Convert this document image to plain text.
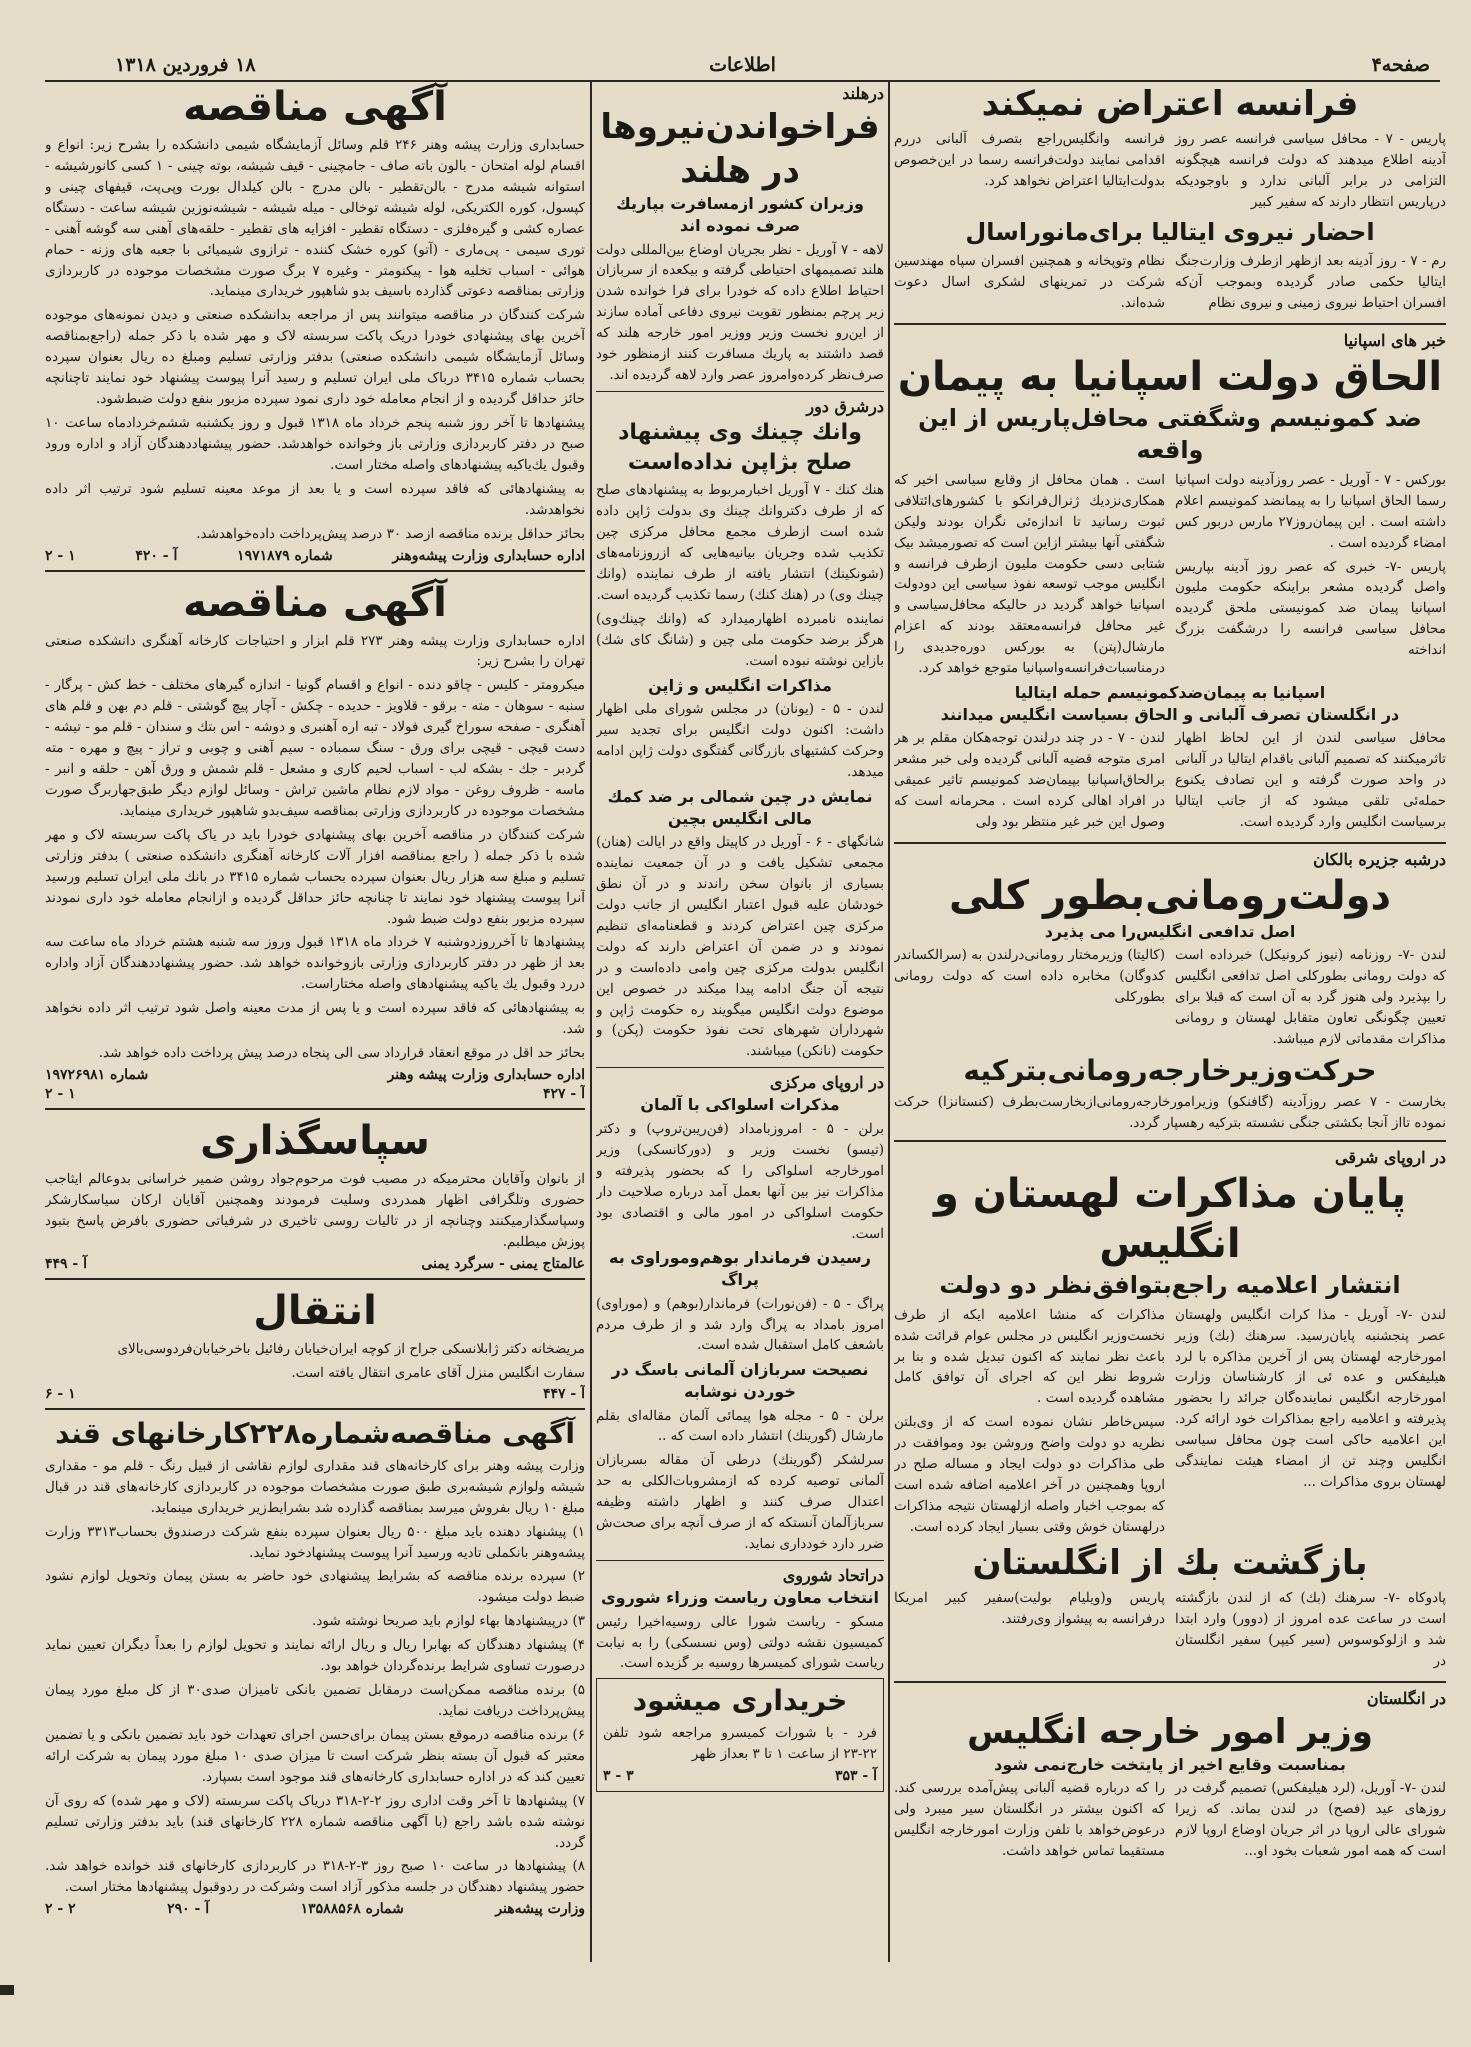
صفحه۴
اطلاعات
۱۸ فروردین ۱۳۱۸
آگهی مناقصه

حسابداری وزارت پیشه وهنر ۲۴۶ قلم وسائل آزمایشگاه شیمی دانشکده را بشرح زیر: انواع و اقسام لوله امتحان - بالون باته صاف - جامچینی - قیف شیشه، بوته چینی - ۱ کسی کانورشیشه - استوانه شیشه مدرج - بالن‌تقطیر - بالن مدرج - بالن کیلدال بورت وپی‌پت، قیفهای چینی و کپسول، کوره الکتریکی، لوله شیشه توخالی - میله شیشه - شیشه‌نوزین شیشه ساعت - دستگاه عصاره کشی و گیره‌فلزی - دستگاه تقطیر - افزایه های تقطیر - حلقه‌های آهنی سه گوشه آهنی - توری سیمی - پی‌ماری - (آتو) کوره خشک کننده - ترازوی شیمیائی با جعبه های وزنه - حمام هوائی - اسباب تخلیه هوا - پیکنومتر - وغیره ۷ برگ صورت مشخصات موجوده در کاربردازی وزارتی بمناقصه دعوتی گذارده باسیف بدو شاهپور خریداری مینماید.

شرکت کنندگان در مناقصه میتوانند پس از مراجعه بدانشکده صنعتی و دیدن نمونه‌های موجوده آخرین بهای پیشنهادی خودرا دریک پاکت سربسته لاک و مهر شده با ذکر جمله (راجع‌بمناقصه وسائل آزمایشگاه شیمی دانشکده صنعتی) بدفتر وزارتی تسلیم ومبلغ ده ریال بعنوان سپرده بحساب شماره ۳۴۱۵ درباک ملی ایران تسلیم و رسید آنرا پیوست پیشنهاد خود نمایند تاچنانچه حائز حداقل گردیده و از انجام معامله خود داری نمود سپرده مزبور بنفع دولت ضبط‌شود.

پیشنهادها تا آخر روز شنبه پنجم خرداد ماه ۱۳۱۸ قبول و روز یکشنبه ششم‌خردادماه ساعت ۱۰ صبح در دفتر کاربردازی وزارتی باز وخوانده خواهدشد. حضور پیشنهاد‌دهندگان آزاد و اداره ورود وقبول یك‌یاکیه پیشنهادهای واصله مختار است.

به پیشنهادهائی که فاقد سپرده است و یا بعد از موعد معینه تسلیم شود ترتیب اثر داده نخواهدشد.

بحائز حداقل برنده مناقصه ازصد ۳۰ درصد پیش‌پرداخت داده‌خواهدشد.

اداره حسابداری وزارت پیشه‌وهنر
شماره ۱۹۷۱۸۷۹
آ - ۴۲۰
۱ - ۲
آگهی مناقصه

اداره حسابداری وزارت پیشه وهنر ۲۷۳ قلم ابزار و احتیاجات کارخانه آهنگری دانشکده صنعتی تهران را بشرح زیر:

میکرومتر - کلیس - چاقو دنده - انواع و اقسام گونیا - اندازه گیرهای مختلف - خط کش - پرگار - سنبه - سوهان - مته - برقو - قلاویز - حدیده - چکش - آچار پیچ گوشتی - قلم دم بهن و قلم های آهنگری - صفحه سوراخ گیری فولاد - تبه اره آهنبری و دوشه - اس بتك و سندان - قلم مو - تیشه - دست قیچی - قیچی برای ورق - سنگ سمباده - سیم آهنی و چوبی و تراز - پیچ و مهره - مته گردبر - جك - بشکه لب - اسباب لحیم کاری و مشعل - قلم شمش و ورق آهن - حلقه و انبر - ماسه - ظروف روغن - مواد لازم نظام ماشین تراش - وسائل لوازم دیگر طبق‌جهار‌برگ صورت مشخصات موجوده در کاربردازی وزارتی بمناقصه سیف‌بدو شاهپور خریداری مینماید.

شرکت کنندگان در مناقصه آخرین بهای پیشنهادی خودرا باید در یاک پاکت سربسته لاک و مهر شده با ذکر جمله ( راجع بمناقصه افزار آلات کارخانه آهنگری دانشکده صنعتی ) بدفتر وزارتی تسلیم و مبلغ سه هزار ریال بعنوان سپرده بحساب شماره ۳۴۱۵ در بانك ملی ایران تسلیم ورسید آنرا پیوست پیشنهاد خود نمایند تا چنانچه حائز حداقل گردیده و ازانجام معامله خود داری نمودند سپرده مزبور بنفع دولت ضبط شود.

پیشنهادها تا آخرروزدوشنبه ۷ خرداد ماه ۱۳۱۸ قبول وروز سه شنبه هشتم خرداد ماه ساعت سه بعد از ظهر در دفتر کاربردازی وزارتی بازوخوانده خواهد شد. حضور پیشنهاددهندگان آزاد واداره دررد وقبول یك یاکیه پیشنهادهای واصله مختاراست.

به پیشنهادهائی که فاقد سپرده است و یا پس از مدت معینه واصل شود ترتیب اثر داده نخواهد شد.

بحائز حد اقل در موقع انعقاد قرارداد سی الی پنجاه درصد پیش پرداخت داده خواهد شد.

اداره حسابداری وزارت پیشه وهنر
شماره ۱۹۷۲۶۹۸۱
آ - ۴۲۷
۱ - ۲
سپاسگذاری

از بانوان وآقایان محترمیکه در مصیب فوت مرحوم‌جواد روشن ضمیر خراسانی بدوعالم ایثاجب حضوری وتلگرافی اظهار همدردی وسلیت فرمودند وهمچنین آقایان ارکان سیاسکارشکر وسپاسگذارمیکنند وچنانچه از در تالیات روسی تاخیری در شرفیاتی حضوری بافرض پاسخ بتبود پوزش میطلبم.

عالمتاج یمنی - سرگرد یمنی
آ - ۴۴۹
انتقال

مریضخانه دکتر ژابلانسکی جراح از کوچه ایران‌خیابان رفائیل باخرخیابان‌فردوسی‌بالای

سفارت انگلیس منزل آقای عامری انتقال یافته است.

آ - ۴۴۷
۱ - ۶
آگهی مناقصه‌شماره۲۲۸کارخانهای قند

وزارت پیشه وهنر برای کارخانه‌های قند مقداری لوازم نقاشی از قبیل رنگ - قلم مو - مقداری شیشه ولوازم شیشه‌بری طبق صورت مشخصات موجوده در کاربردازی کارخانه‌های قند در قبال مبلغ ۱۰ ریال بفروش میرسد بمناقصه گذارده شد بشرایط‌زیر خریداری مینماید.

۱) پیشنهاد دهنده باید مبلغ ۵۰۰ ریال بعنوان سپرده بنفع شرکت درصندوق بحساب۳۳۱۳ وزارت پیشه‌وهنر بانکملی تادیه ورسید آنرا پیوست پیشنهادخود نماید.

۲) سپرده برنده مناقصه که بشرایط پیشنهادی خود حاضر به بستن پیمان وتحویل لوازم نشود ضبط دولت میشود.

۳) درپیشنهادها بهاء لوازم باید صریحا نوشته شود.

۴) پیشنهاد دهندگان که بهابرا ریال و ریال ارائه نمایند و تحویل لوازم را بعداً دیگران تعیین نماید درصورت تساوی شرایط برنده‌گردان خواهد بود.

۵) برنده مناقصه ممکن‌است درمقابل تضمین بانکی تامیزان صدی۳۰ از کل مبلغ مورد پیمان پیش‌پرداخت دریافت نماید.

۶) برنده مناقصه درموقع بستن پیمان برای‌حسن اجرای تعهدات خود باید تضمین بانکی و یا تضمین معتبر که قبول آن بسته بنظر شرکت است تا میزان صدی ۱۰ مبلغ مورد پیمان به شرکت ارائه تعیین کند که در اداره حسابداری کارخانه‌های قند موجود است بسپارد.

۷) پیشنهادها تا آخر وقت اداری روز ۲-۲-۳۱۸ دریاک پاکت سربسته (لاک و مهر شده) که روی آن نوشته شده باشد راجع (با آگهی مناقصه شماره ۲۲۸ کارخانهای قند) باید بدفتر وزارتی تسلیم گردد.

۸) پیشنهادها در ساعت ۱۰ صبح روز ۳-۲-۳۱۸ در کاربردازی کارخانهای قند خوانده خواهد شد. حضور پیشنهاد دهندگان در جلسه مذکور آزاد است وشرکت در ردوقبول پیشنهادها مختار است.

وزارت پیشه‌هنر
شماره ۱۳۵۸۸۵۶۸
آ - ۲۹۰
۲ - ۲
درهلند
فراخواندن‌نیروها در هلند
وزیران کشور ازمسافرت بپاریك صرف نموده اند

لاهه - ۷ آوریل - نظر بجریان اوضاع بین‌المللی دولت هلند تصمیمهای احتیاطی گرفته و بیکعده از سربازان احتیاط اطلاع داده که خودرا برای فرا خوانده شدن زیر پرچم بمنظور تقویت نیروی دفاعی آماده سازند از این‌رو نخست وزیر ووزیر امور خارجه هلند که قصد داشتند به پاریك مسافرت کنند ازمنظور خود صرف‌نظر کرده‌وامروز عصر وارد لاهه گردیده اند.

درشرق دور
وانك چینك وی پیشنهاد
صلح بژاپن نداده‌است

هنك كنك - ۷ آوریل اخبارمربوط به پیشنهادهای صلح که از طرف دکتروانك چینك وی بدولت ژاپن داده شده است ازطرف مجمع محافل مرکزی چین تکذیب شده وجریان بیانیه‌هایی که ازروزنامه‌های (شونکینك) انتشار یافته از طرف نماینده (وانك چینك وی) در (هنك كنك) رسما تکذیب گردیده است.

نماینده نامبرده اظهارمیدارد که (وانك چینك‌وی) هرگز برضد حکومت ملی چین و (شانگ کای شك) بازاین نوشته نبوده است.

مذاکرات انگلیس و ژاپن

لندن - ۵ - (یونان) در مجلس شورای ملی اظهار داشت: اکنون دولت انگلیس برای تجدید سیر وحرکت کشتیهای بازرگانی گفتگوی دولت ژاپن ادامه میدهد.

نمایش در چین شمالی بر ضد کمك مالی انگلیس بچین

شانگهای - ۶ - آوریل در کاپیتل واقع در ایالت (هنان) مجمعی تشکیل یافت و در آن جمعیت نماینده بسیاری از بانوان سخن راندند و در آن نطق خودشان علیه قبول اعتبار انگلیس از جانب دولت مرکزی چین اعتراض کردند و قطعنامه‌ای تنظیم نمودند و در ضمن آن اعتراض دارند که دولت انگلیس بدولت مرکزی چین وامی داده‌است و در نتیجه آن جنگ ادامه پیدا میکند در خصوص این موضوع دولت انگلیس میگویند ره حکومت ژاپن و شهرداران شهرهای تحت نفوذ حکومت (پکن) و حکومت (نانکن) میباشند.

در اروپای مرکزی
مذکرات اسلواکی با آلمان

برلن - ۵ - امروزبامداد (فن‌ریبن‌تروپ) و دکتر (تیسو) نخست وزیر و (دورکانسکی) وزیر امورخارجه اسلواکی را که بحضور پذیرفته و مذاکرات نیز بین آنها بعمل آمد درباره صلاحیت دار حکومت اسلواکی در امور مالی و اقتصادی بود است.

رسیدن فرماندار بوهم‌وموراوی به پراگ

پراگ - ۵ - (فن‌نورات) فرماندار(بوهم) و (موراوی) امروز بامداد به پراگ وارد شد و از طرف مردم باشعف کامل استقبال شده است.

نصیحت سربازان آلمانی باسگ در خوردن نوشابه

برلن - ۵ - مجله هوا پیمائی آلمان مقاله‌ای بقلم مارشال (گورینك) انتشار داده است که ..

سرلشکر (گورینك) درطی آن مقاله بسربازان آلمانی توصیه کرده که ازمشروبات‌الکلی به حد اعتدال صرف کنند و اظهار داشته وظیفه سربازآلمان آنستکه که از صرف آنچه برای صحت‌ش ضرر دارد خودداری نماید.

دراتحاد شوروی
انتخاب معاون ریاست وزراء شوروی

مسکو - ریاست شورا عالی روسیه‌اخیرا رئیس کمیسیون نقشه دولتی (وس نسسکی) را به نیابت ریاست شورای کمیسرها روسیه بر گزیده است.

خریداری میشود

فرد - با شورات کمیسرو مراجعه شود تلفن ۲۲-۲۳ از ساعت ۱ تا ۳ بعداز ظهر

آ - ۳۵۳
۳ - ۳
فرانسه اعتراض نمیکند

پاریس - ۷ - محافل سیاسی فرانسه عصر روز آدینه اطلاع میدهند که دولت فرانسه هیچگونه التزامی در برابر آلبانی ندارد و باوجودیکه درپاریس انتظار دارند که سفیر کبیر

فرانسه وانگلیس‌راجع بتصرف آلبانی دررم اقدامی نمایند دولت‌فرانسه رسما در این‌خصوص بدولت‌ایتالیا اعتراض نخواهد کرد.

احضار نیروی ایتالیا برای‌مانور‌اسال

رم - ۷ - روز آدینه بعد ازظهر ازطرف وزارت‌جنگ ایتالیا حکمی صادر گردیده وبموجب آن‌که افسران احتیاط نیروی زمینی و نیروی نظام

نظام وتوپخانه و همچنین افسران سپاه مهندسین شرکت در تمرینهای لشکری اسال دعوت شده‌اند.

خبر های اسپانیا
الحاق دولت اسپانیا به پیمان
ضد کمونیسم وشگفتی محافل‌پاریس از این واقعه

بورکس - ۷ - آوریل - عصر روز‌آدینه دولت اسپانیا رسما الحاق اسپانیا را به پیمانضد کمونیسم اعلام داشته است . این پیمان‌روز۲۷ مارس دربور کس امضاء گردیده است .

پاریس -۷- خبری که عصر روز آدینه بپاریس واصل گردیده مشعر براینکه حکومت ملیون اسپانیا پیمان ضد کمونیستی ملحق گردیده محافل سیاسی فرانسه را درشگفت بزرگ انداخته

است . همان محافل از وقایع سیاسی اخیر که همکاری‌نزدیك ژنرال‌فرانکو با کشورهای‌ائتلافی ثبوت رسانید تا اندازه‌ئی نگران بودند ولیکن شگفتی آنها بیشتر ازاین است که تصورمیشد بیک شتابی دسی حکومت ملیون ازطرف فرانسه و انگلیس موجب توسعه نفوذ سیاسی این دودولت اسپانیا خواهد گردید در حالیکه محافل‌سیاسی و غیر محافل فرانسه‌معتقد بودند که اعزام مارشال‌(پتن) به بورکس دوره‌جدیدی را درمناسبات‌فرانسه‌واسپانیا‌ متوجع خواهد کرد.

اسپانیا به پیمان‌ضدکمونیسم حمله ایتالیا
در انگلستان تصرف آلبانی و الحاق بسیاست انگلیس میدانند

محافل سیاسی لندن از این لحاظ اظهار تاثرمیکنند که تصمیم آلبانی باقدام ایتالیا در آلبانی در واحد صورت گرفته و این تصادف یکنوع حمله‌ئی تلقی میشود که از جانب ایتالیا برسیاست انگلیس وارد گردیده است.

لندن - ۷ - در چند درلندن توجه‌هکان مقلم بر هر امری متوجه قضیه آلبانی گردیده ولی خبر مشعر برالحاق‌اسپانیا بپیمان‌ضد کمونیسم تاثیر عمیقی در افراد اهالی کرده است . محرمانه است که وصول این خبر غیر منتظر بود ولی

درشبه جزیره بالکان
دولت‌رومانی‌بطور کلی
اصل تدافعی انگلیس‌را می پذیرد

لندن -۷- روزنامه (نیوز کرونیکل) خبرداده است که دولت رومانی بطورکلی اصل تدافعی انگلیس را بپذیرد ولی هنوز گرد به آن است که قبلا برای تعیین چگونگی تعاون متقابل لهستان و رومانی مذاکرات مقدماتی لازم میباشد.

(کالیتا) وزیرمختار رومانی‌درلندن به (سرالکساندر کدوگان) مخابره داده است که دولت رومانی بطورکلی

حرکت‌وزیرخارجه‌رومانی‌بترکیه

بخارست - ۷ عصر روزآدینه (گافنکو) وزیرامورخارجه‌رومانی‌ازبخارست‌بطرف (کنستانزا) حرکت نموده تااز آنجا بکشتی جنگی نشسته بترکیه رهسپار گردد.

در اروپای شرقی
پایان مذاکرات لهستان و انگلیس
انتشار اعلامیه راجع‌بتوافق‌نظر دو دولت

لندن -۷- آوریل - مذا کرات انگلیس ولهستان عصر پنجشنبه پایان‌رسید. سرهنك (بك) وزیر امورخارجه لهستان پس از آخرین مذاکره با لرد هیلیفکس و عده ئی از کارشناسان وزارت امورخارجه انگلیس نماینده‌گان جرائد را بحضور پذیرفته و اعلامیه راجع بمذاکرات خود ارائه کرد. این اعلامیه حاکی است چون محافل سیاسی انگلیس وچند تن از امضاء هیئت نمایندگی لهستان بروی مذاکرات ...

مذاکرات که منشا اعلامیه ایکه از طرف نخست‌وزیر انگلیس در مجلس عوام قرائت شده باعث نظر نمایند که اکنون تبدیل شده و بنا بر شروط نظر این که اجرای آن توافق کامل مشاهده گردیده است .

سپس‌خاطر نشان نموده است که از وی‌بلتن نظریه دو دولت واضح وروشن بود وموافقت در طی مذاکرات دو دولت ایجاد و مساله صلح در اروپا وهمچنین در آخر اعلامیه اضافه شده است که بموجب اخبار واصله ازلهستان نتیجه مذاکرات درلهستان خوش وقتی بسیار ایجاد کرده است.

بازگشت بك از انگلستان

پادوکاه -۷- سرهنك (بك) که از لندن بازگشته است در ساعت عده امروز از (دوور) وارد ابتدا شد و ازلوکوسوس (سیر کیپر) سفیر انگلستان در

پاریس و(ویلیام بولیت)سفیر کبیر امریکا درفرانسه به پیشواز وی‌رفتند.

در انگلستان
وزیر امور خارجه انگلیس
بمناسبت وقایع اخیر از پایتخت خارج‌نمی شود

لندن -۷- آوریل، (لرد هیلیفکس) تصمیم گرفت در روزهای عید (فصح) در لندن بماند. که زیرا شورای عالی اروپا در اثر جریان اوضاع اروپا لازم است که همه امور شعبات بخود او...

را که درباره قضیه آلبانی پیش‌آمده بررسی کند. که اکنون بیشتر در انگلستان سیر میبرد ولی درعوض‌خواهد با تلفن وزارت امورخارجه انگلیس مستقیما تماس خواهد داشت.
